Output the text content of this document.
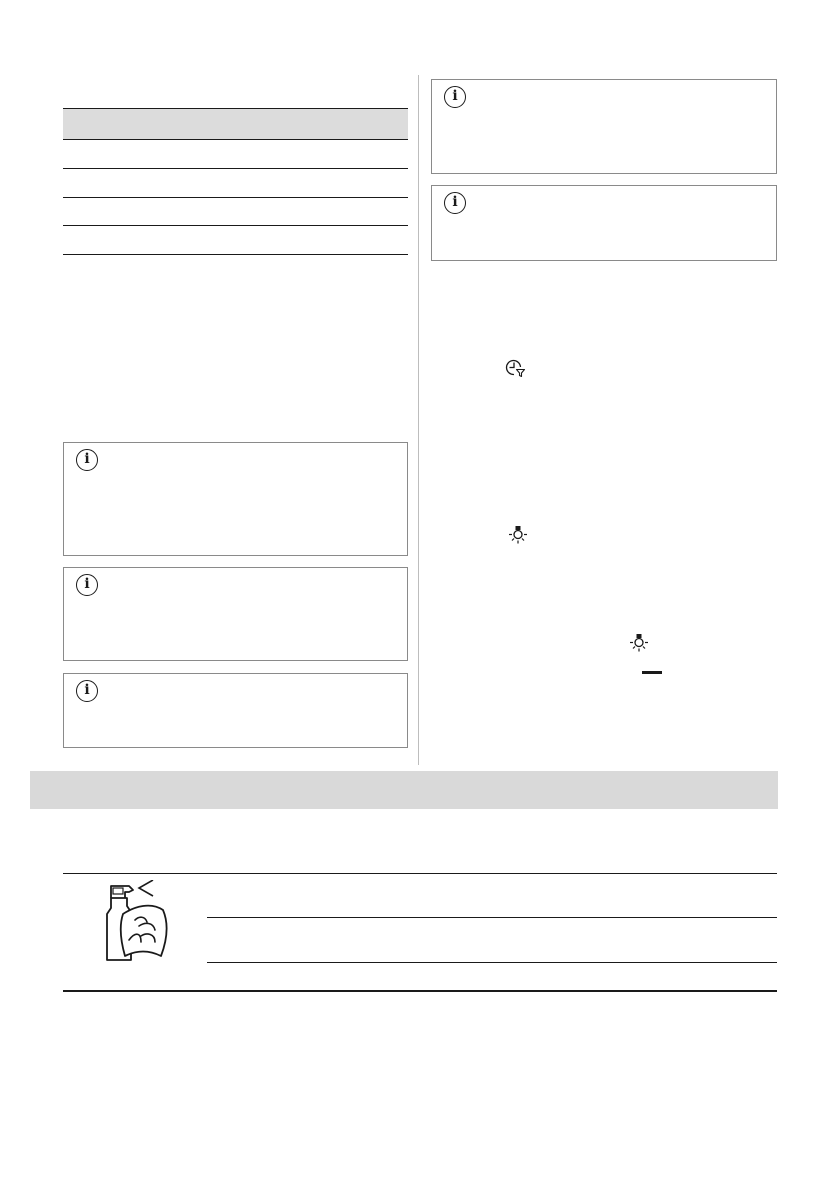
i
i
i
i
i
